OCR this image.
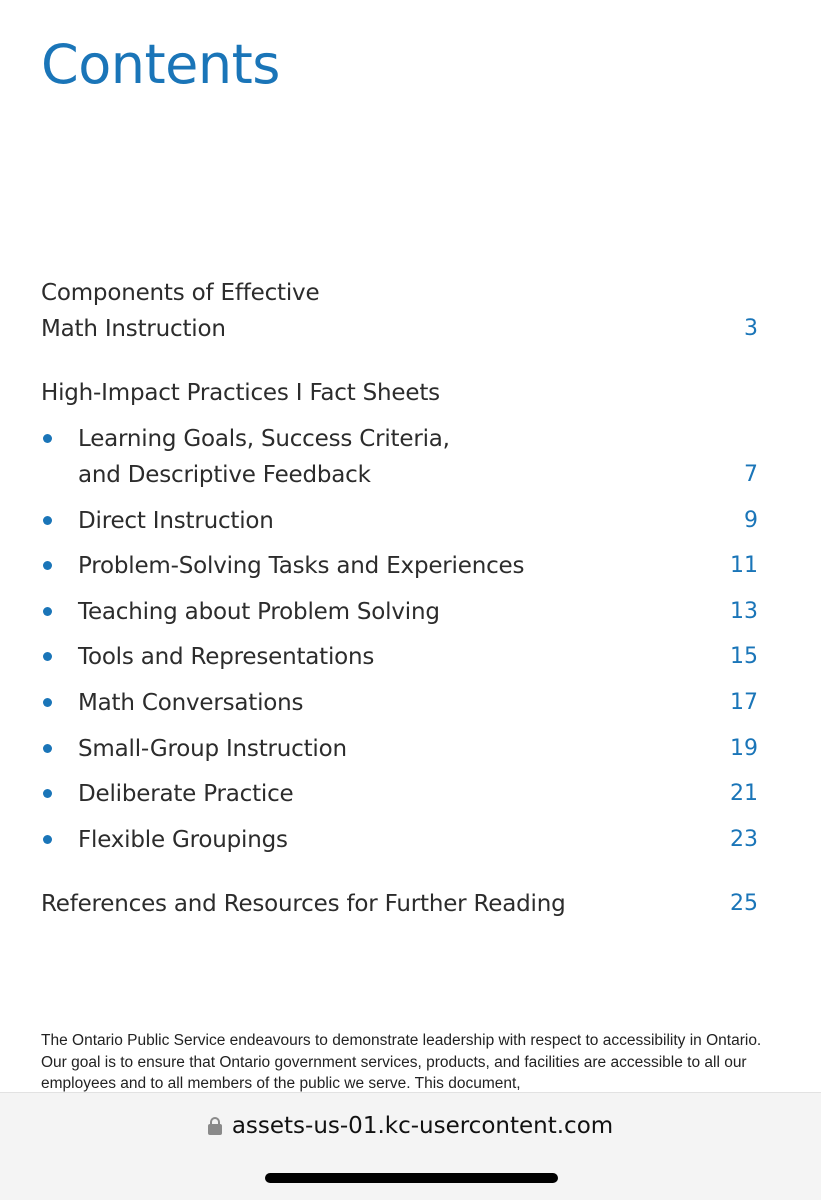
Contents
Components of Effective
Math Instruction	3
High-Impact Practices I Fact Sheets
Learning Goals, Success Criteria,
and Descriptive Feedback	7
Direct Instruction	9
Problem-Solving Tasks and Experiences	11
Teaching about Problem Solving	13
Tools and Representations	15
Math Conversations	17
Small-Group Instruction	19
Deliberate Practice	21
Flexible Groupings	23
References and Resources for Further Reading	25
The Ontario Public Service endeavours to demonstrate leadership with respect to accessibility in Ontario. Our goal is to ensure that Ontario government services, products, and facilities are accessible to all our employees and to all members of the public we serve. This document,
assets-us-01.kc-usercontent.com
